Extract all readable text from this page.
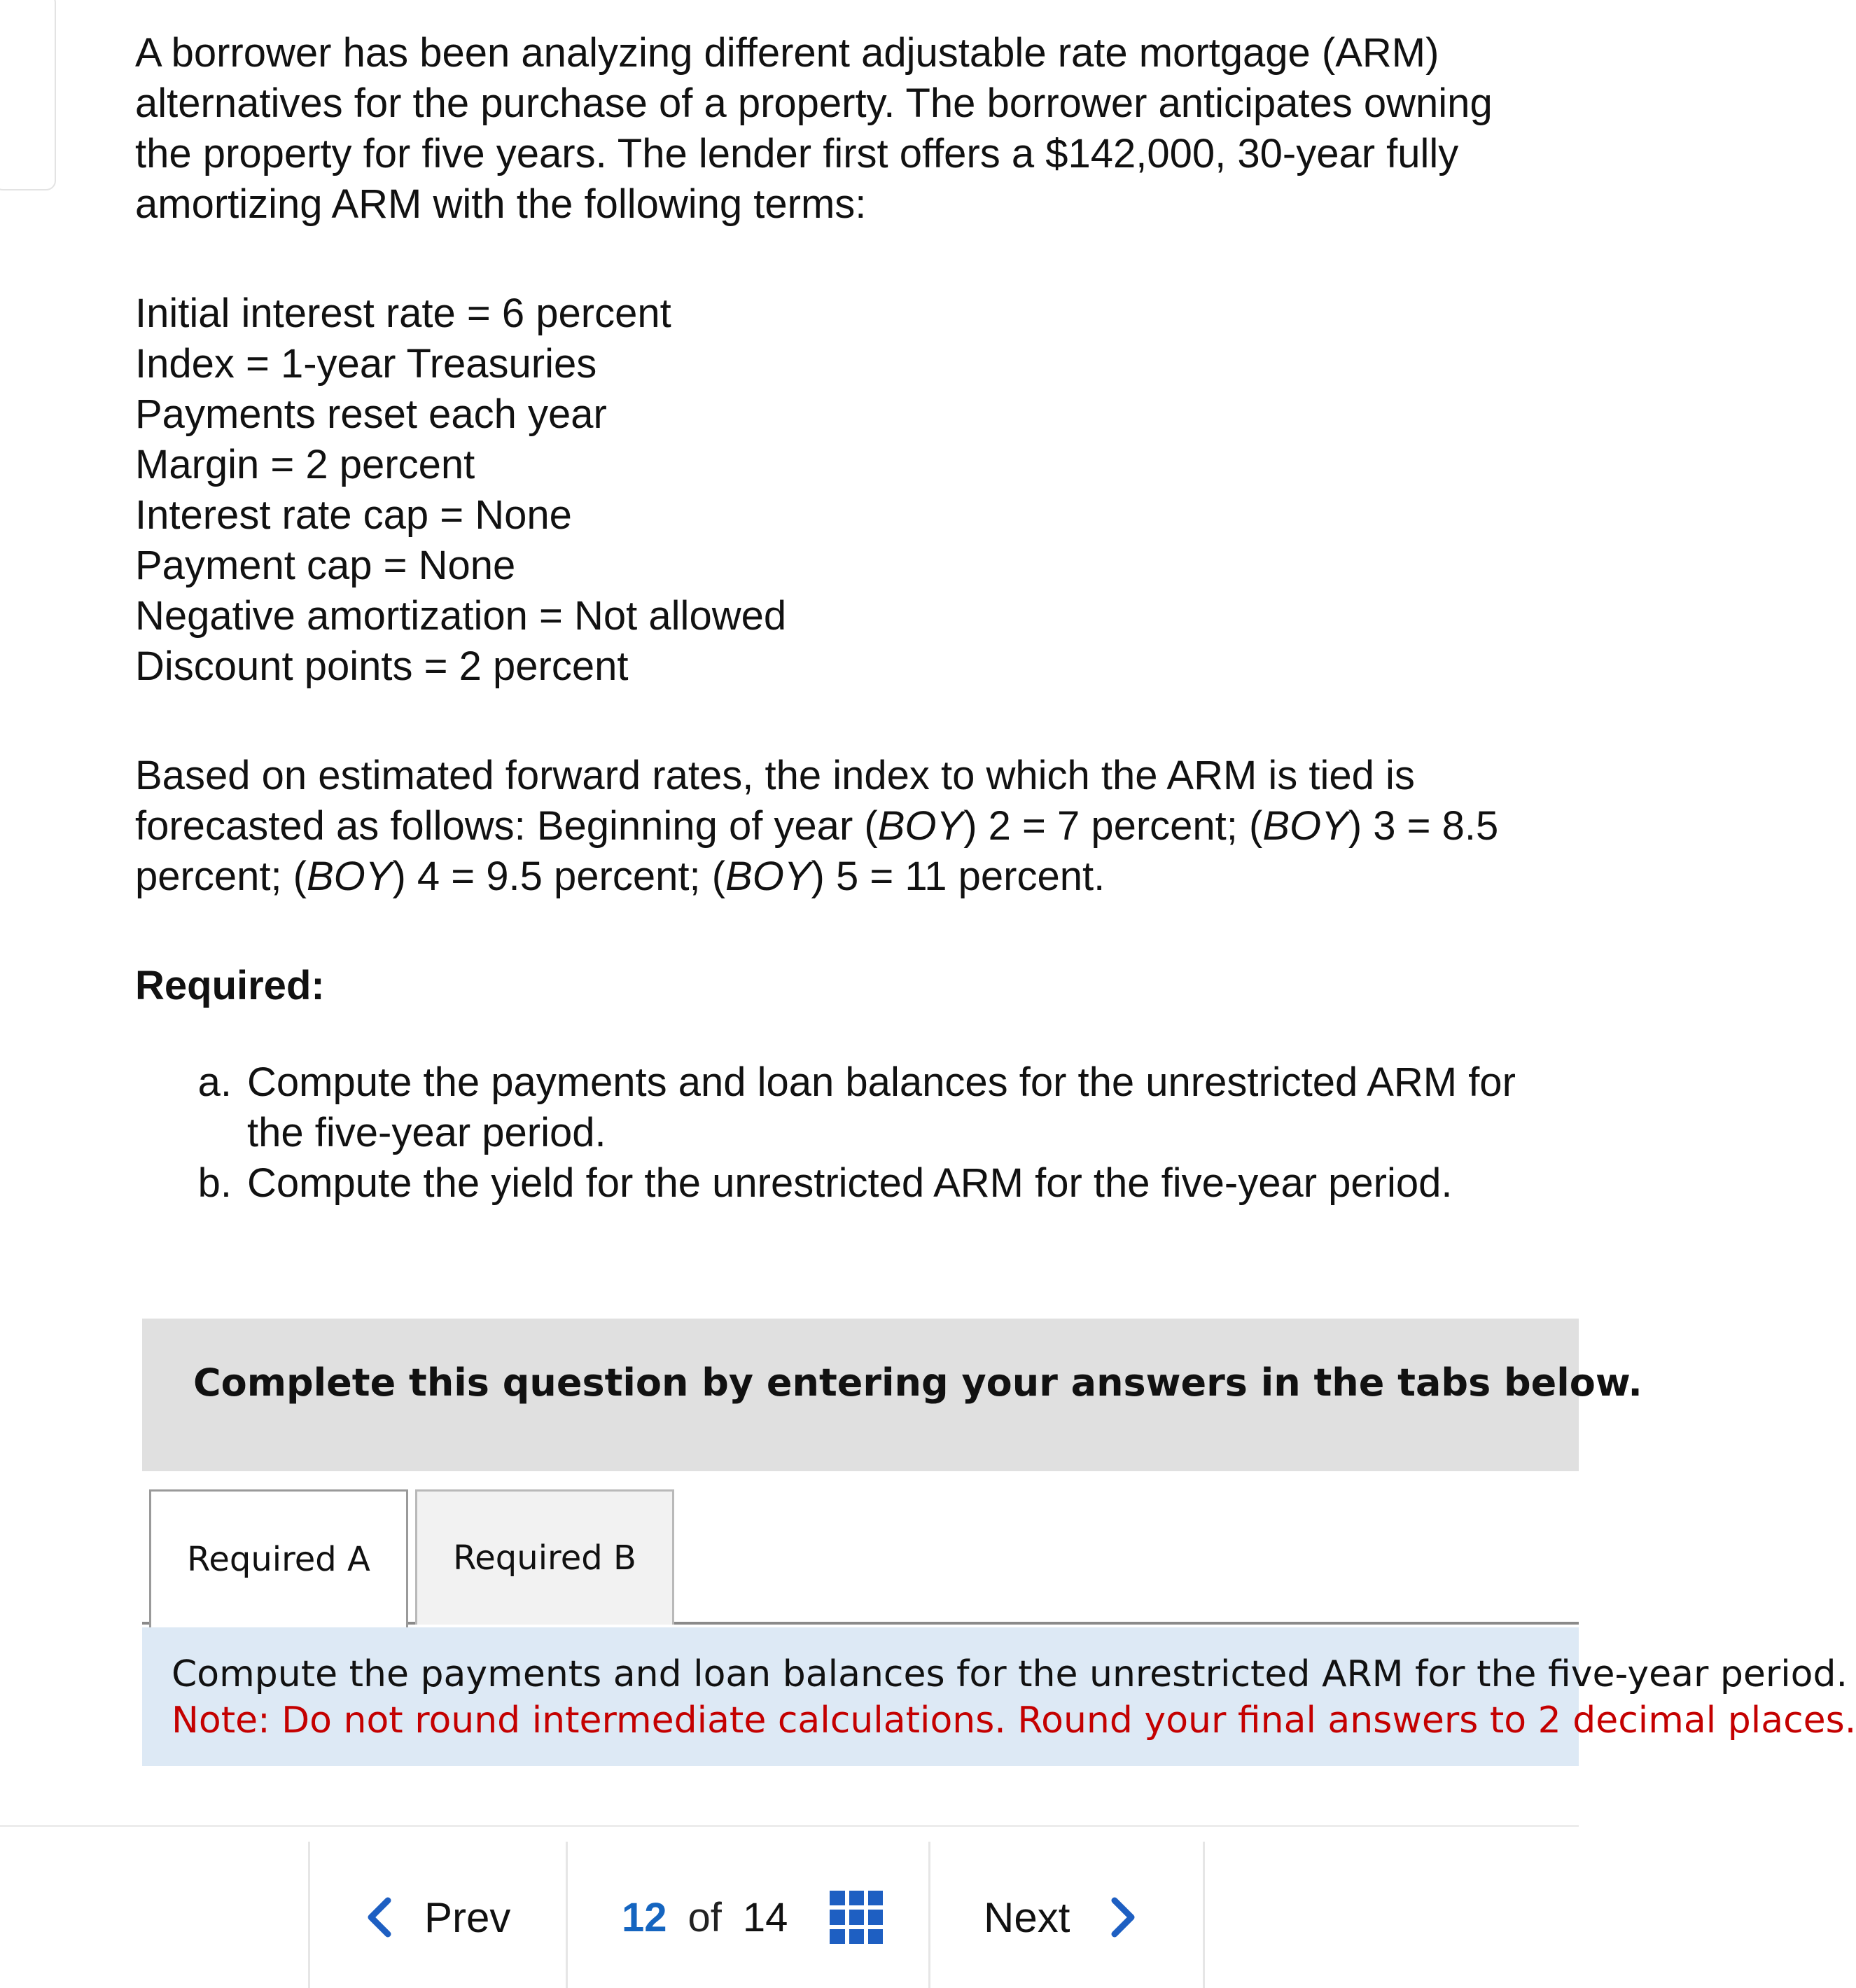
A borrower has been analyzing different adjustable rate mortgage (ARM) alternatives for the purchase of a property. The borrower anticipates owning the property for five years. The lender first offers a $142,000, 30-year fully amortizing ARM with the following terms:

Initial interest rate = 6 percent
Index = 1-year Treasuries
Payments reset each year
Margin = 2 percent
Interest rate cap = None
Payment cap = None
Negative amortization = Not allowed
Discount points = 2 percent

Based on estimated forward rates, the index to which the ARM is tied is forecasted as follows: Beginning of year (BOY) 2 = 7 percent; (BOY) 3 = 8.5 percent; (BOY) 4 = 9.5 percent; (BOY) 5 = 11 percent.

Required:
a. Compute the payments and loan balances for the unrestricted ARM for the five-year period.
b. Compute the yield for the unrestricted ARM for the five-year period.
Complete this question by entering your answers in the tabs below.
Required A	Required B
Compute the payments and loan balances for the unrestricted ARM for the five-year period.
Note: Do not round intermediate calculations. Round your final answers to 2 decimal places.
Prev	12 of 14	Next
